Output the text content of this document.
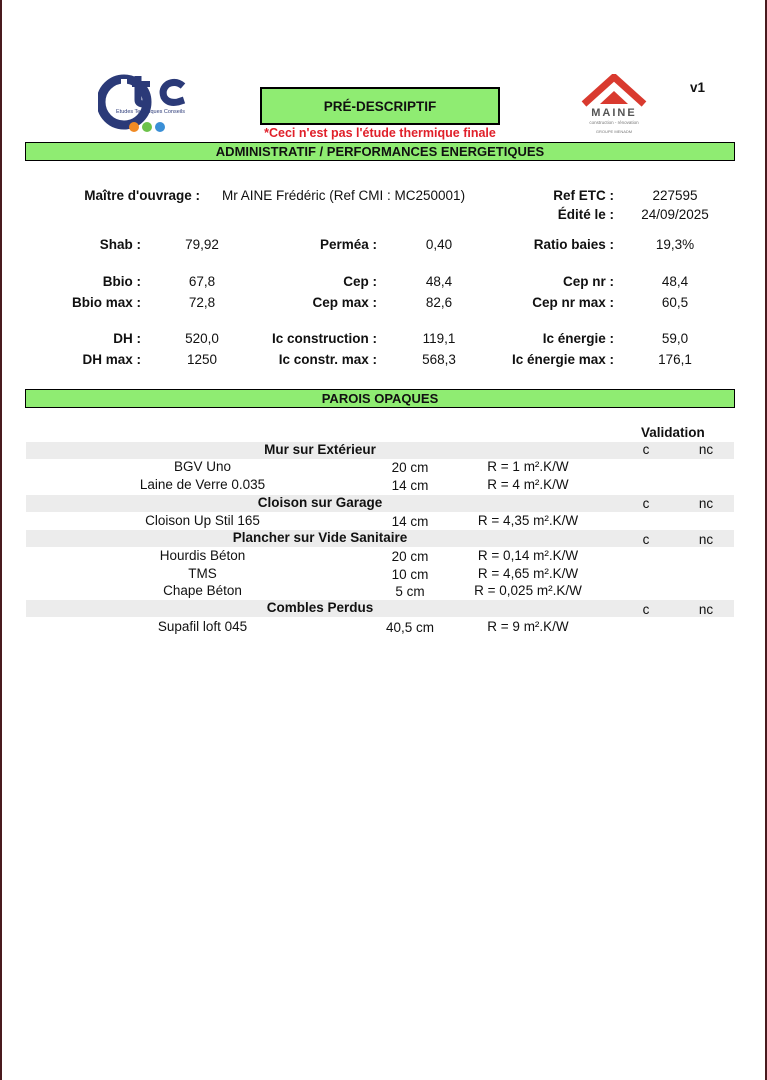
Etudes Techniques Conseils	PRÉ-DESCRIPTIF
*Ceci n'est pas l'étude thermique finale
MAINE
construction - rénovation
GROUPE MENADM
v1
ADMINISTRATIF / PERFORMANCES ENERGETIQUES
Maître d'ouvrage : Mr AINE Frédéric (Ref CMI : MC250001)	Ref ETC :	227595
Édité le :	24/09/2025
Shab :	79,92	Perméa :	0,40	Ratio baies :	19,3%
Bbio :	67,8	Cep :	48,4	Cep nr :	48,4
Bbio max :	72,8	Cep max :	82,6	Cep nr max :	60,5
DH :	520,0	Ic construction :	119,1	Ic énergie :	59,0
DH max :	1250	Ic constr. max :	568,3	Ic énergie max :	176,1
PAROIS OPAQUES
Validation
Mur sur Extérieur	c	nc
BGV Uno	20 cm	R = 1 m².K/W
Laine de Verre 0.035	14 cm	R = 4 m².K/W
Cloison sur Garage	c	nc
Cloison Up Stil 165	14 cm	R = 4,35 m².K/W
Plancher sur Vide Sanitaire	c	nc
Hourdis Béton	20 cm	R = 0,14 m².K/W
TMS	10 cm	R = 4,65 m².K/W
Chape Béton	5 cm	R = 0,025 m².K/W
Combles Perdus	c	nc
Supafil loft 045	40,5 cm	R = 9 m².K/W
